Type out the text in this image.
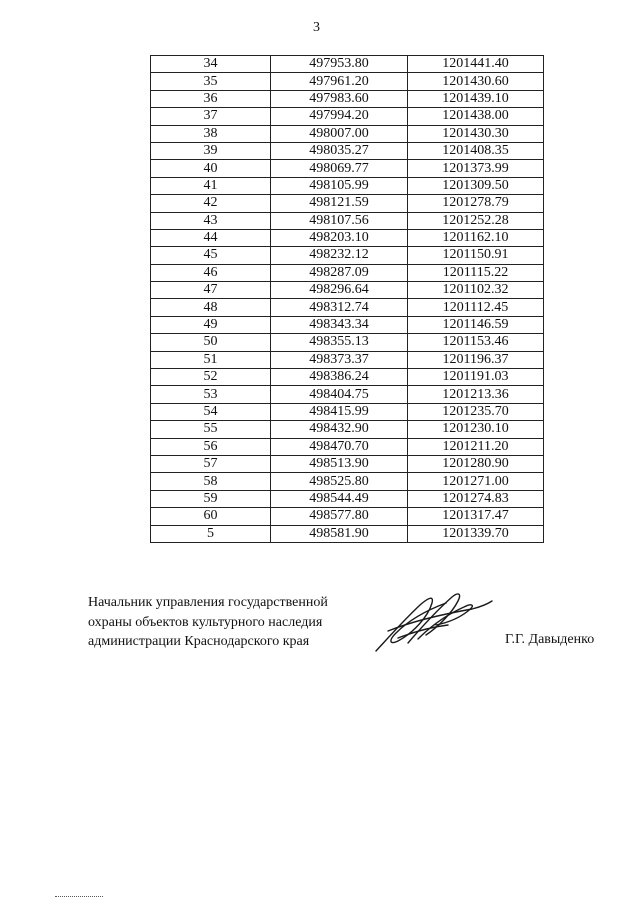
3
34	497953.80	1201441.40
35	497961.20	1201430.60
36	497983.60	1201439.10
37	497994.20	1201438.00
38	498007.00	1201430.30
39	498035.27	1201408.35
40	498069.77	1201373.99
41	498105.99	1201309.50
42	498121.59	1201278.79
43	498107.56	1201252.28
44	498203.10	1201162.10
45	498232.12	1201150.91
46	498287.09	1201115.22
47	498296.64	1201102.32
48	498312.74	1201112.45
49	498343.34	1201146.59
50	498355.13	1201153.46
51	498373.37	1201196.37
52	498386.24	1201191.03
53	498404.75	1201213.36
54	498415.99	1201235.70
55	498432.90	1201230.10
56	498470.70	1201211.20
57	498513.90	1201280.90
58	498525.80	1201271.00
59	498544.49	1201274.83
60	498577.80	1201317.47
5	498581.90	1201339.70
Начальник управления государственной
охраны объектов культурного наследия
администрации Краснодарского края	Г.Г. Давыденко
